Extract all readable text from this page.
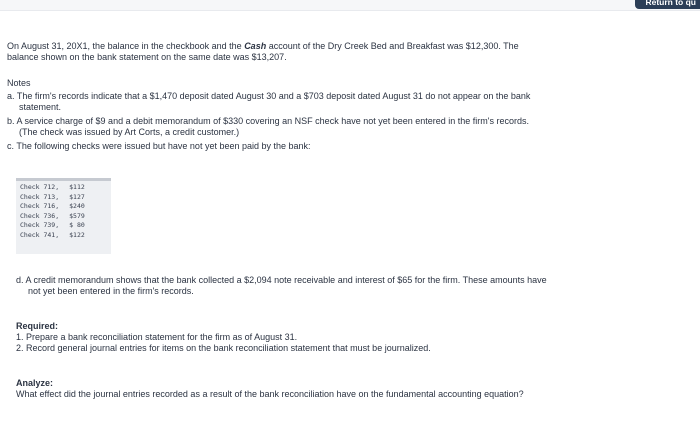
Return to qu
On August 31, 20X1, the balance in the checkbook and the Cash account of the Dry Creek Bed and Breakfast was $12,300. The
balance shown on the bank statement on the same date was $13,207.
Notes
a. The firm's records indicate that a $1,470 deposit dated August 30 and a $703 deposit dated August 31 do not appear on the bank
statement.
b. A service charge of $9 and a debit memorandum of $330 covering an NSF check have not yet been entered in the firm's records.
(The check was issued by Art Corts, a credit customer.)
c. The following checks were issued but have not yet been paid by the bank:
Check 712,	$112
Check 713,	$127
Check 716,	$240
Check 736,	$579
Check 739,	$ 80
Check 741,	$122
d. A credit memorandum shows that the bank collected a $2,094 note receivable and interest of $65 for the firm. These amounts have
not yet been entered in the firm's records.
Required:
1. Prepare a bank reconciliation statement for the firm as of August 31.
2. Record general journal entries for items on the bank reconciliation statement that must be journalized.
Analyze:
What effect did the journal entries recorded as a result of the bank reconciliation have on the fundamental accounting equation?
